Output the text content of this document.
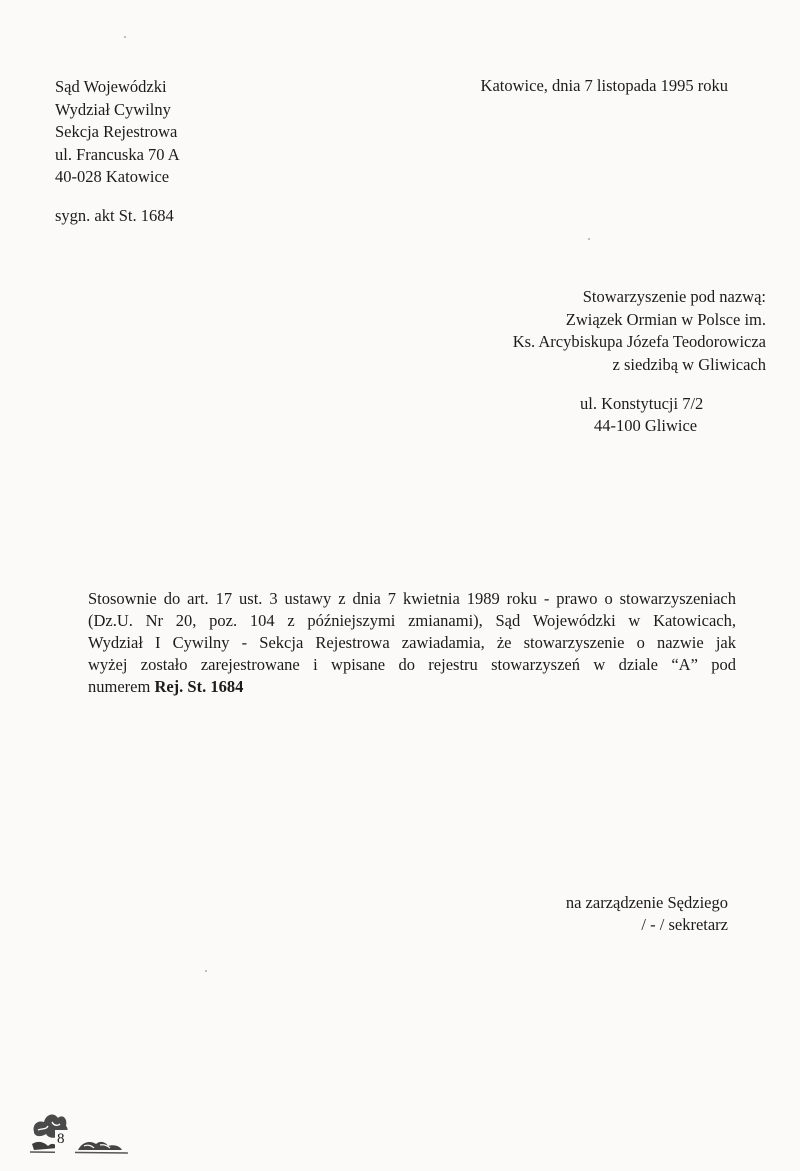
Sąd Wojewódzki
Wydział Cywilny
Sekcja Rejestrowa
ul. Francuska 70 A
40-028 Katowice
sygn. akt St. 1684
Katowice, dnia 7 listopada 1995 roku
Stowarzyszenie pod nazwą:
Związek Ormian w Polsce im.
Ks. Arcybiskupa Józefa Teodorowicza
z siedzibą w Gliwicach
ul. Konstytucji 7/2
44-100 Gliwice
Stosownie do art. 17 ust. 3 ustawy z dnia 7 kwietnia 1989 roku - prawo o stowarzyszeniach
(Dz.U. Nr 20, poz. 104 z późniejszymi zmianami), Sąd Wojewódzki w Katowicach,
Wydział I Cywilny - Sekcja Rejestrowa zawiadamia, że stowarzyszenie o nazwie jak
wyżej zostało zarejestrowane i wpisane do rejestru stowarzyszeń w dziale “A” pod
numerem Rej. St. 1684
na zarządzenie Sędziego
/ - / sekretarz
8
